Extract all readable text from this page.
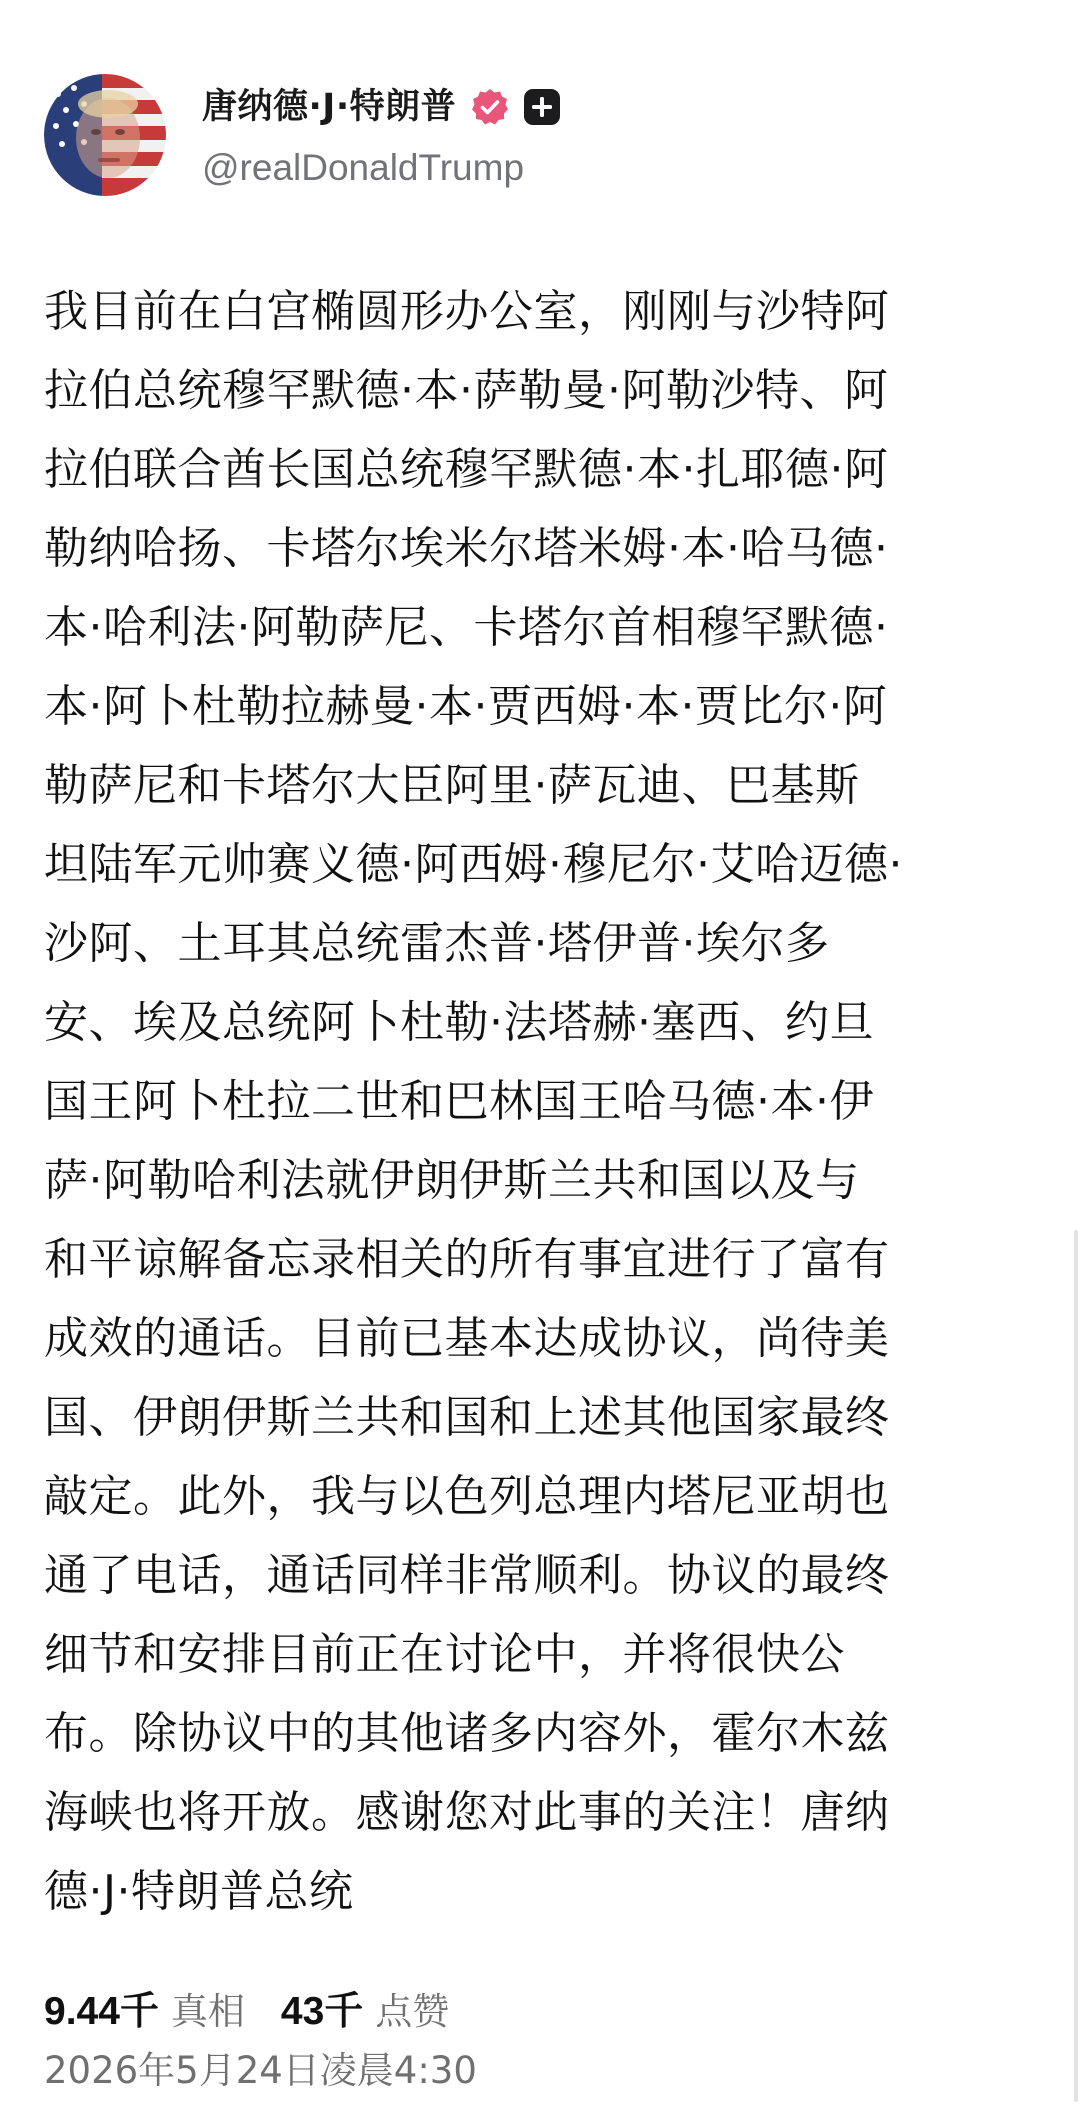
唐纳德·J·特朗普
@realDonaldTrump
我目前在白宫椭圆形办公室，刚刚与沙特阿
拉伯总统穆罕默德·本·萨勒曼·阿勒沙特、阿
拉伯联合酋长国总统穆罕默德·本·扎耶德·阿
勒纳哈扬、卡塔尔埃米尔塔米姆·本·哈马德·
本·哈利法·阿勒萨尼、卡塔尔首相穆罕默德·
本·阿卜杜勒拉赫曼·本·贾西姆·本·贾比尔·阿
勒萨尼和卡塔尔大臣阿里·萨瓦迪、巴基斯
坦陆军元帅赛义德·阿西姆·穆尼尔·艾哈迈德·
沙阿、土耳其总统雷杰普·塔伊普·埃尔多
安、埃及总统阿卜杜勒·法塔赫·塞西、约旦
国王阿卜杜拉二世和巴林国王哈马德·本·伊
萨·阿勒哈利法就伊朗伊斯兰共和国以及与
和平谅解备忘录相关的所有事宜进行了富有
成效的通话。目前已基本达成协议，尚待美
国、伊朗伊斯兰共和国和上述其他国家最终
敲定。此外，我与以色列总理内塔尼亚胡也
通了电话，通话同样非常顺利。协议的最终
细节和安排目前正在讨论中，并将很快公
布。除协议中的其他诸多内容外，霍尔木兹
海峡也将开放。感谢您对此事的关注！唐纳
德·J·特朗普总统
9.44千 真相 43千 点赞
2026年5月24日凌晨4:30
